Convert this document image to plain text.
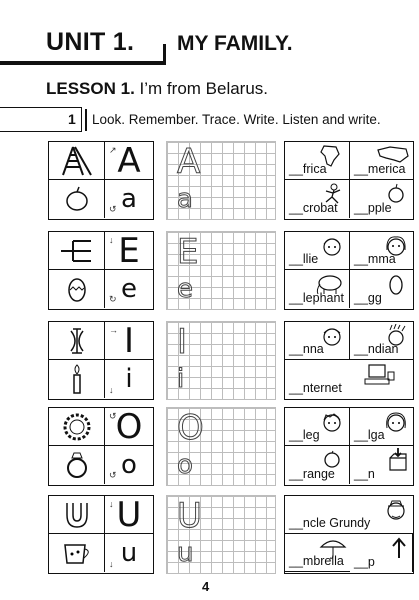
UNIT 1. MY FAMILY.
LESSON 1. I’m from Belarus.
1 Look. Remember. Trace. Write. Listen and write.
↗ A
↺ a
A
a
__frica __merica
__crobat __pple
↓ E
↻ e
E
e
__llie	__mma
__lephant __gg
→ I
↓ i
I
i
__nna __ndian
__nternet
↺ O
↺ o
O
o
__leg	__lga
__range __n
↓ U
↓ u
U
u
__ncle Grundy
__mbrella __p
4
